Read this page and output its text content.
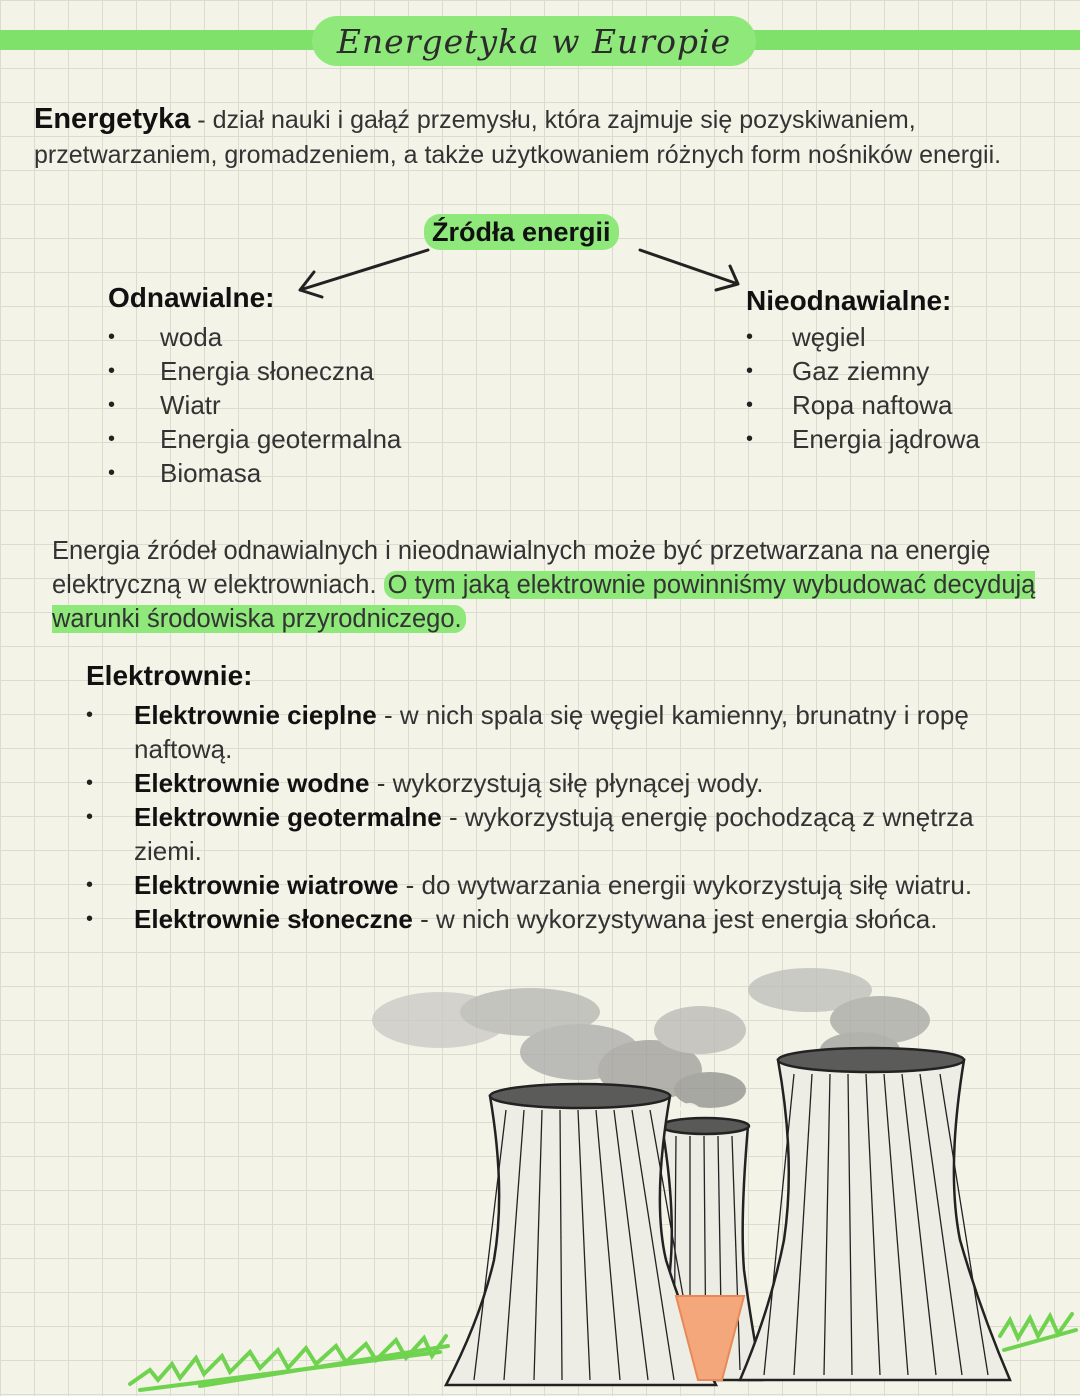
Energetyka w Europie
Energetyka - dział nauki i gałąź przemysłu, która zajmuje się pozyskiwaniem, przetwarzaniem, gromadzeniem, a także użytkowaniem różnych form nośników energii.
Źródła energii
Odnawialne:
• woda
• Energia słoneczna
• Wiatr
• Energia geotermalna
• Biomasa
Nieodnawialne:
• węgiel
• Gaz ziemny
• Ropa naftowa
• Energia jądrowa
Energia źródeł odnawialnych i nieodnawialnych może być przetwarzana na energię elektryczną w elektrowniach. O tym jaką elektrownie powinniśmy wybudować decydują warunki środowiska przyrodniczego.
Elektrownie:
• Elektrownie cieplne - w nich spala się węgiel kamienny, brunatny i ropę naftową.
• Elektrownie wodne - wykorzystują siłę płynącej wody.
• Elektrownie geotermalne - wykorzystują energię pochodzącą z wnętrza ziemi.
• Elektrownie wiatrowe - do wytwarzania energii wykorzystują siłę wiatru.
• Elektrownie słoneczne - w nich wykorzystywana jest energia słońca.
